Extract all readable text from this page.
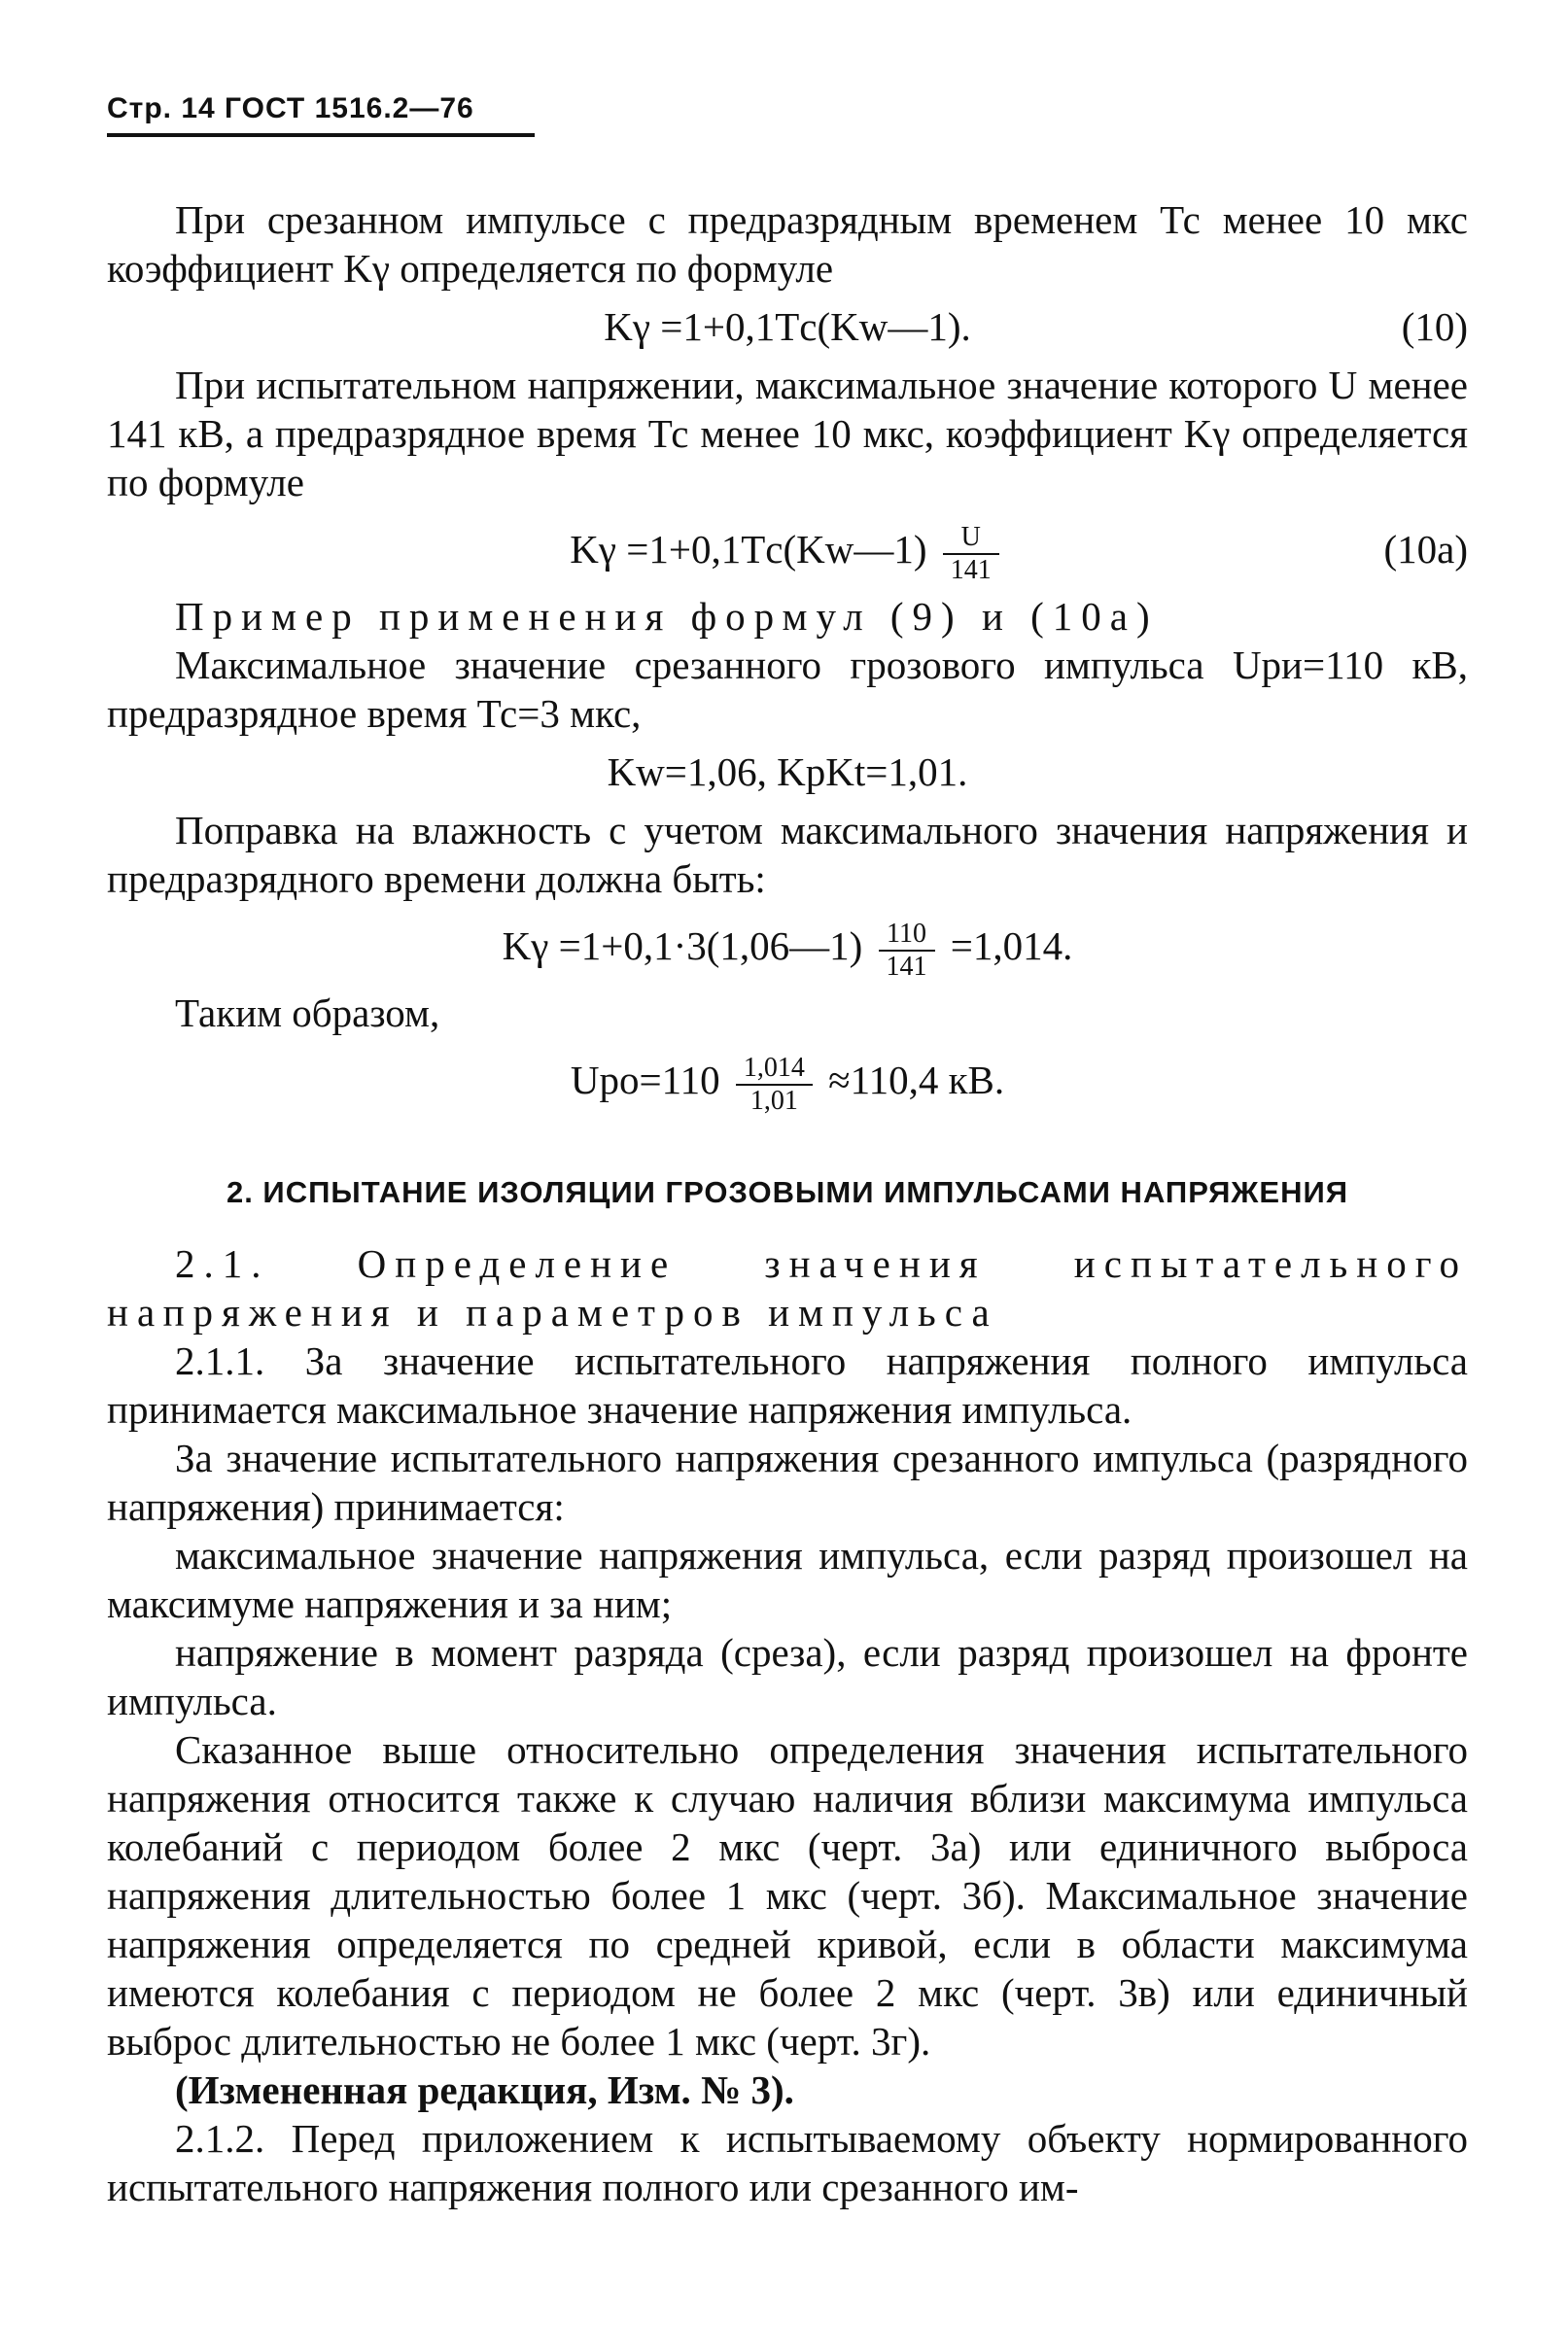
Стр. 14 ГОСТ 1516.2—76

При срезанном импульсе с предразрядным временем Тс менее 10 мкс коэффициент Kγ определяется по формуле

Kγ =1+0,1Tс(Kw—1).	(10)

При испытательном напряжении, максимальное значение которого U менее 141 кВ, а предразрядное время Тс менее 10 мкс, коэффициент Kγ определяется по формуле

Kγ =1+0,1Tс(Kw—1) $\frac{U}{141}$	(10а)

Пример применения формул (9) и (10а)

Максимальное значение срезанного грозового импульса Uри=110 кВ, предразрядное время Тс=3 мкс,

Kw=1,06, KрKt=1,01.

Поправка на влажность с учетом максимального значения напряжения и предразрядного времени должна быть:

Kγ =1+0,1·3(1,06—1) $\frac{110}{141} =1,014$.

Таким образом,

$Uро=110 \frac{1,014}{1,01} \approx 110,4$ кВ.
2. ИСПЫТАНИЕ ИЗОЛЯЦИИ ГРОЗОВЫМИ ИМПУЛЬСАМИ НАПРЯЖЕНИЯ

2.1. Определение значения испытательного напряжения и параметров импульса

2.1.1. За значение испытательного напряжения полного импульса принимается максимальное значение напряжения импульса.

За значение испытательного напряжения срезанного импульса (разрядного напряжения) принимается:

максимальное значение напряжения импульса, если разряд произошел на максимуме напряжения и за ним;

напряжение в момент разряда (среза), если разряд произошел на фронте импульса.

Сказанное выше относительно определения значения испытательного напряжения относится также к случаю наличия вблизи максимума импульса колебаний с периодом более 2 мкс (черт. 3а) или единичного выброса напряжения длительностью более 1 мкс (черт. 3б). Максимальное значение напряжения определяется по средней кривой, если в области максимума имеются колебания с периодом не более 2 мкс (черт. 3в) или единичный выброс длительностью не более 1 мкс (черт. 3г).

(Измененная редакция, Изм. № 3).

2.1.2. Перед приложением к испытываемому объекту нормированного испытательного напряжения полного или срезанного им-
